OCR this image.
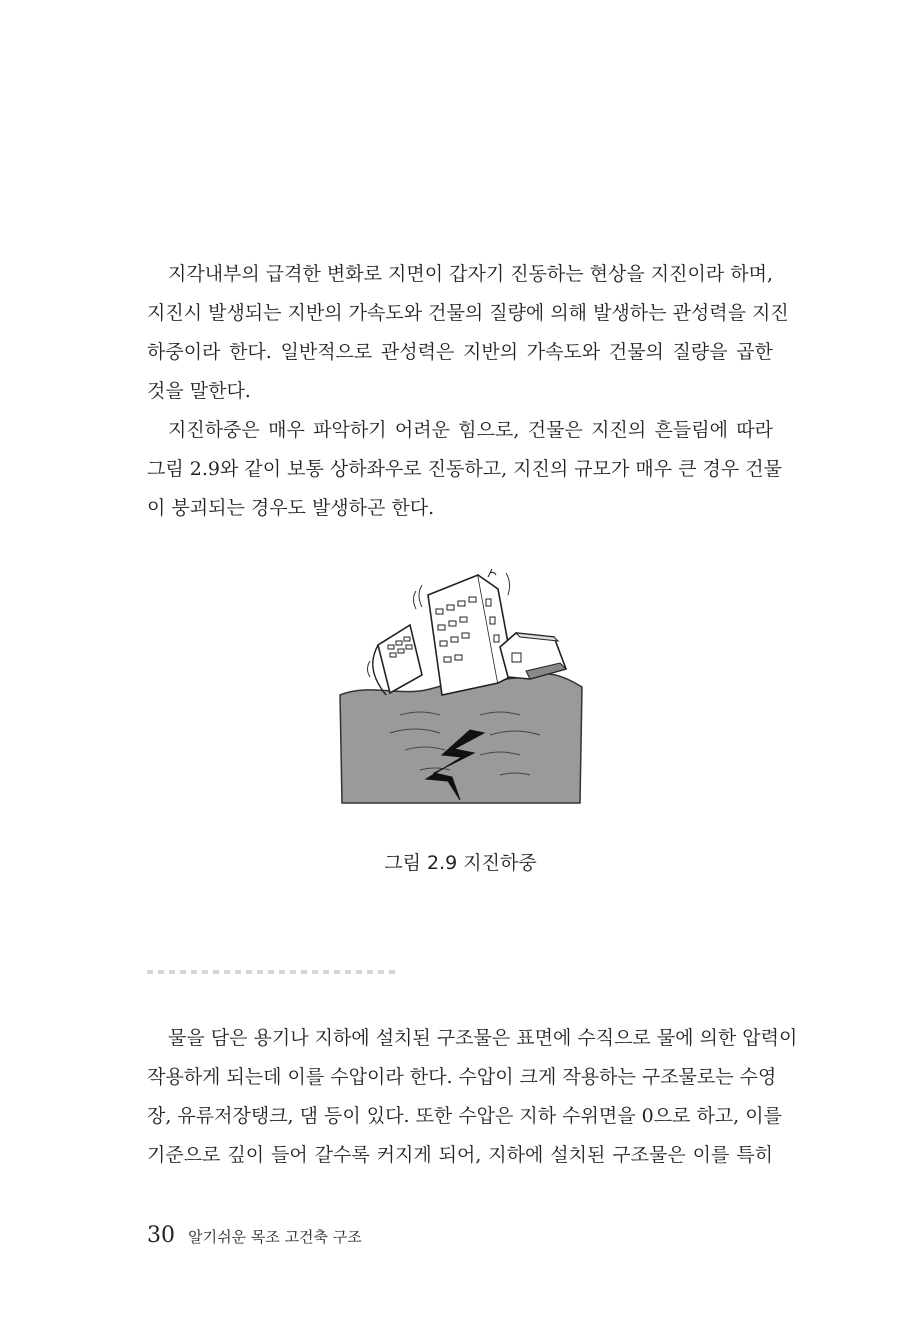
지각내부의 급격한 변화로 지면이 갑자기 진동하는 현상을 지진이라 하며,
지진시 발생되는 지반의 가속도와 건물의 질량에 의해 발생하는 관성력을 지진
하중이라 한다. 일반적으로 관성력은 지반의 가속도와 건물의 질량을 곱한
것을 말한다.
지진하중은 매우 파악하기 어려운 힘으로, 건물은 지진의 흔들림에 따라
그림 2.9와 같이 보통 상하좌우로 진동하고, 지진의 규모가 매우 큰 경우 건물
이 붕괴되는 경우도 발생하곤 한다.
그림 2.9 지진하중
물을 담은 용기나 지하에 설치된 구조물은 표면에 수직으로 물에 의한 압력이
작용하게 되는데 이를 수압이라 한다. 수압이 크게 작용하는 구조물로는 수영
장, 유류저장탱크, 댐 등이 있다. 또한 수압은 지하 수위면을 0으로 하고, 이를
기준으로 깊이 들어 갈수록 커지게 되어, 지하에 설치된 구조물은 이를 특히
30 알기쉬운 목조 고건축 구조
